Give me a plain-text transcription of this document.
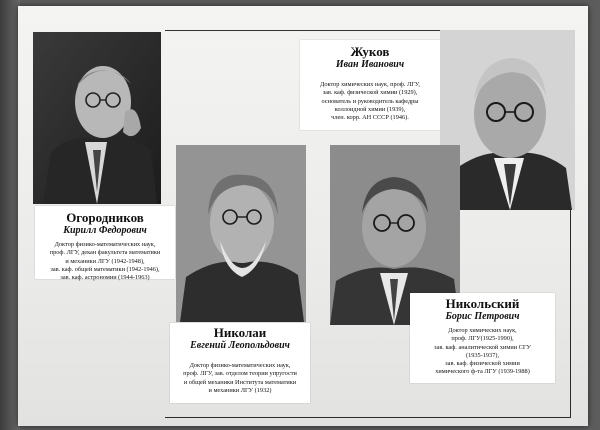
Огородников
Кирилл Федорович
Доктор физико-математических наук,
проф. ЛГУ, декан факультета математики
и механики ЛГУ (1942-1948),
зав. каф. общей математики (1942-1946),
зав. каф. астрономии (1944-1963)
Николаи
Евгений Леопольдович
Доктор физико-математических наук,
проф. ЛГУ, зав. отделом теории упругости
и общей механики Института математики
и механики ЛГУ (1932)
Жуков
Иван Иванович
Доктор химических наук, проф. ЛГУ,
зав. каф. физической химии (1929),
основатель и руководитель кафедры
коллоидной химии (1939),
член. корр. АН СССР (1946).
Никольский
Борис Петрович
Доктор химических наук,
проф. ЛГУ(1925-1990),
зав. каф. аналитической химии СГУ
(1935-1937),
зав. каф. физической химии
химического ф-та ЛГУ (1939-1988)
